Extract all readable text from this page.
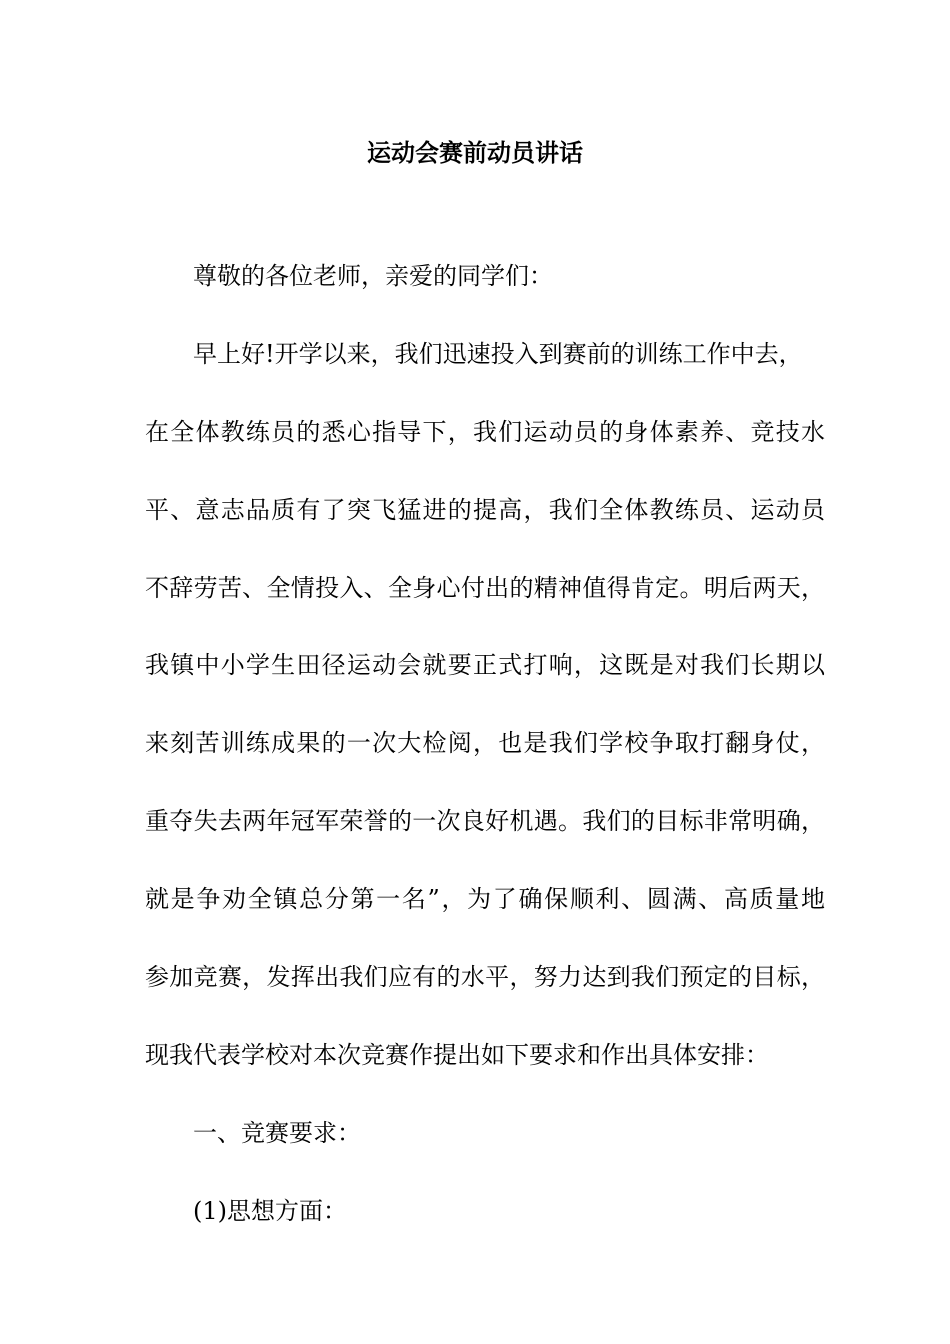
运动会赛前动员讲话
尊敬的各位老师，亲爱的同学们：
早上好!开学以来，我们迅速投入到赛前的训练工作中去，
在全体教练员的悉心指导下，我们运动员的身体素养、竞技水
平、意志品质有了突飞猛进的提高，我们全体教练员、运动员
不辞劳苦、全情投入、全身心付出的精神值得肯定。明后两天，
我镇中小学生田径运动会就要正式打响，这既是对我们长期以
来刻苦训练成果的一次大检阅，也是我们学校争取打翻身仗，
重夺失去两年冠军荣誉的一次良好机遇。我们的目标非常明确，
就是争劝全镇总分第一名”，为了确保顺利、圆满、高质量地
参加竞赛，发挥出我们应有的水平，努力达到我们预定的目标，
现我代表学校对本次竞赛作提出如下要求和作出具体安排：
一、竞赛要求：
(1)思想方面：
